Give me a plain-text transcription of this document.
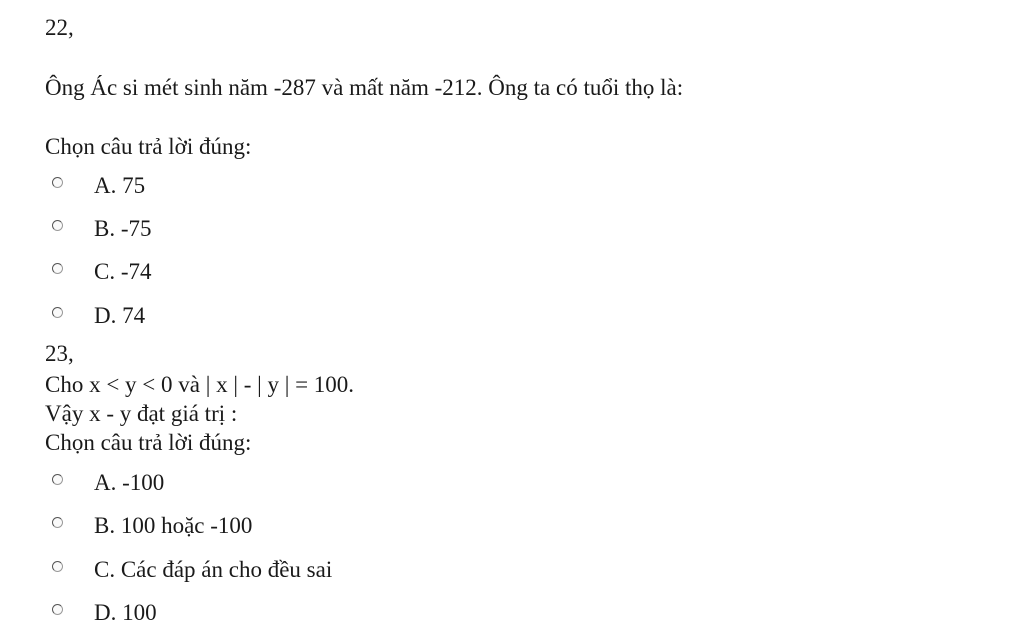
22,
Ông Ác si mét sinh năm -287 và mất năm -212. Ông ta có tuổi thọ là:
Chọn câu trả lời đúng:
A. 75
B. -75
C. -74
D. 74
23,
Cho x < y < 0 và | x | - | y | = 100.
Vậy x - y đạt giá trị :
Chọn câu trả lời đúng:
A. -100
B. 100 hoặc -100
C. Các đáp án cho đều sai
D. 100
